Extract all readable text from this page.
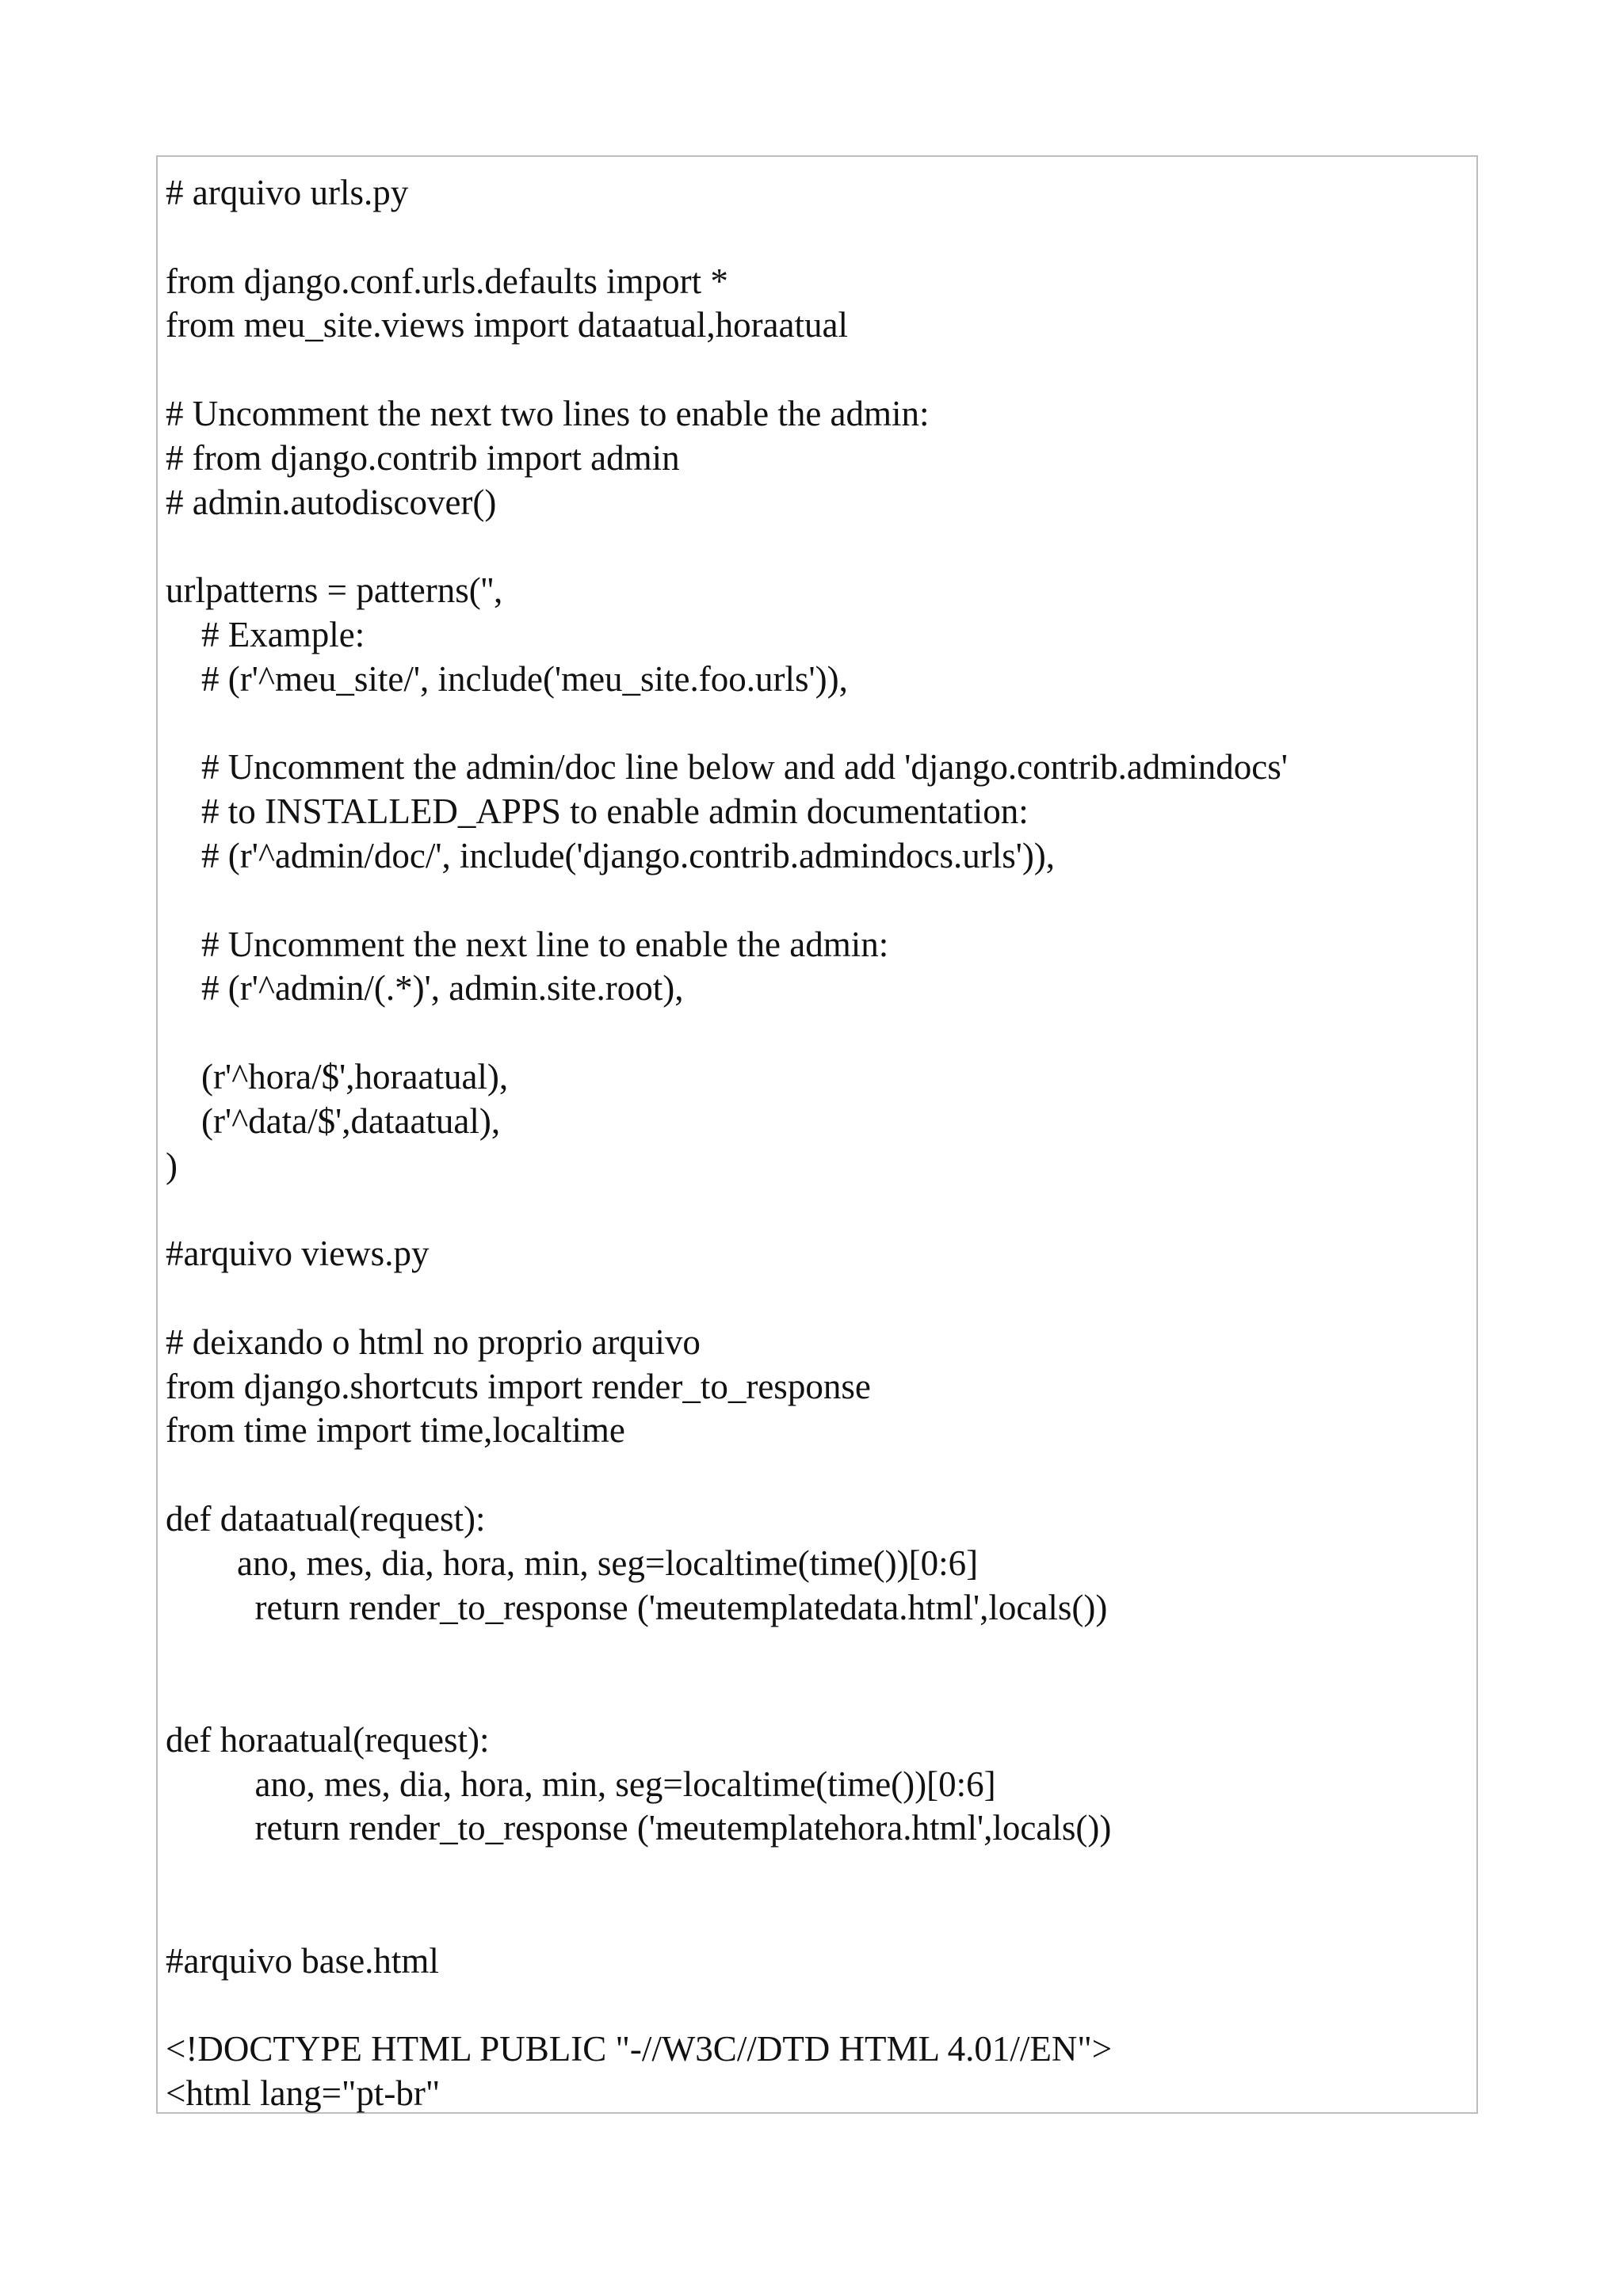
# arquivo urls.py
from django.conf.urls.defaults import *
from meu_site.views import dataatual,horaatual
# Uncomment the next two lines to enable the admin:
# from django.contrib import admin
# admin.autodiscover()
urlpatterns = patterns('',
# Example:
# (r'^meu_site/', include('meu_site.foo.urls')),
# Uncomment the admin/doc line below and add 'django.contrib.admindocs'
# to INSTALLED_APPS to enable admin documentation:
# (r'^admin/doc/', include('django.contrib.admindocs.urls')),
# Uncomment the next line to enable the admin:
# (r'^admin/(.*)', admin.site.root),
(r'^hora/$',horaatual),
(r'^data/$',dataatual),
)
#arquivo views.py
# deixando o html no proprio arquivo
from django.shortcuts import render_to_response
from time import time,localtime
def dataatual(request):
ano, mes, dia, hora, min, seg=localtime(time())[0:6]
return render_to_response ('meutemplatedata.html',locals())
def horaatual(request):
ano, mes, dia, hora, min, seg=localtime(time())[0:6]
return render_to_response ('meutemplatehora.html',locals())
#arquivo base.html
<!DOCTYPE HTML PUBLIC "-//W3C//DTD HTML 4.01//EN">
<html lang="pt-br"
